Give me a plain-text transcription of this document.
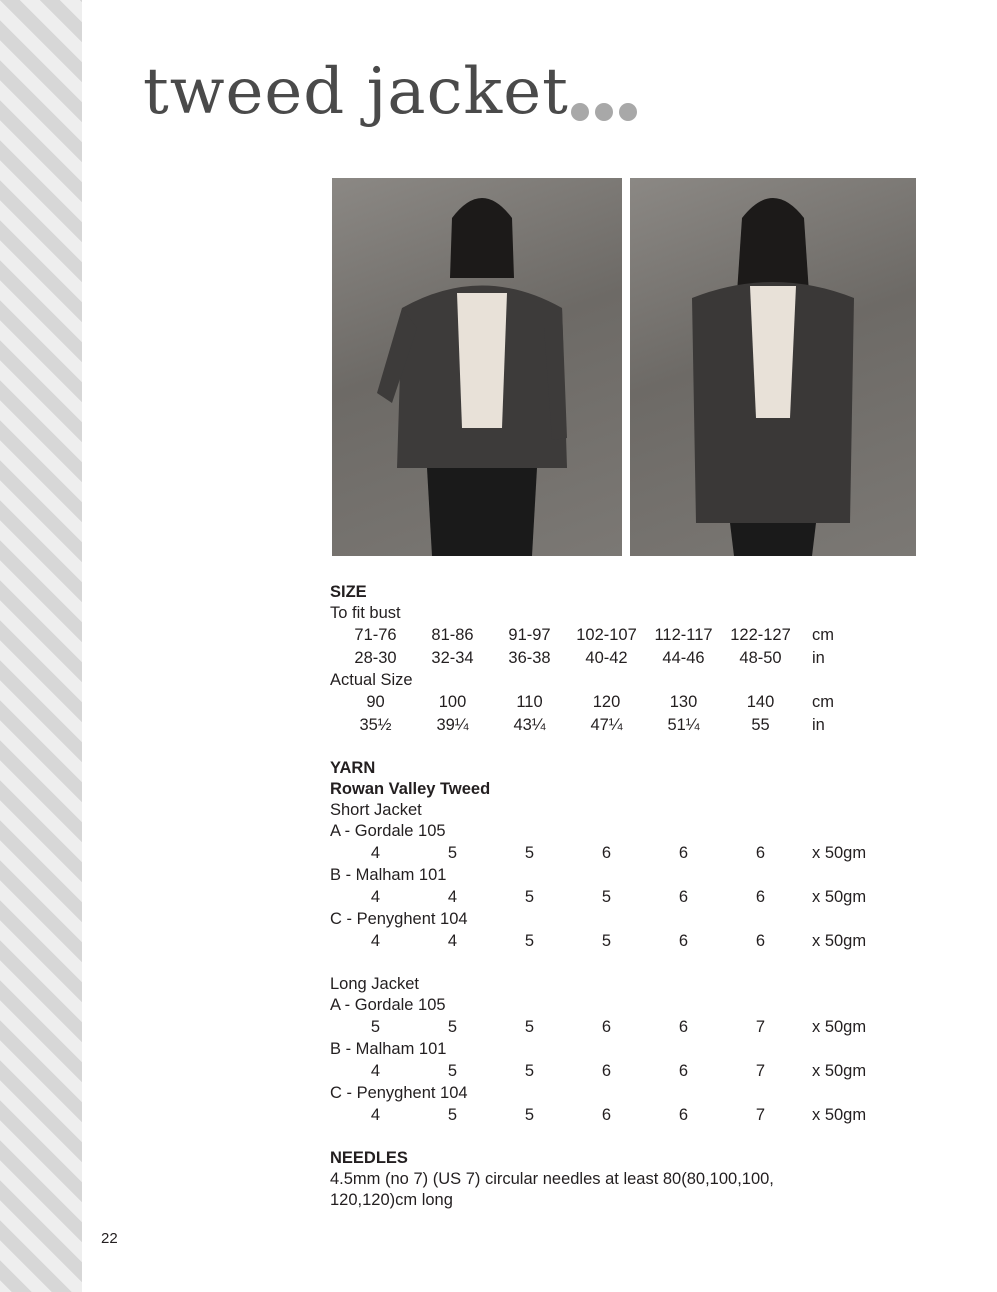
tweed jacket

SIZE

To fit bust

71-76	81-86	91-97	102-107	112-117	122-127	cm
28-30	32-34	36-38	40-42	44-46	48-50	in

Actual Size

90	100	110	120	130	140	cm
35½	39¼	43¼	47¼	51¼	55	in

YARN

Rowan Valley Tweed

Short Jacket

A - Gordale 105

4	5	5	6	6	6	x 50gm

B - Malham 101

4	4	5	5	6	6	x 50gm

C - Penyghent 104

4	4	5	5	6	6	x 50gm

Long Jacket

A - Gordale 105

5	5	5	6	6	7	x 50gm

B - Malham 101

4	5	5	6	6	7	x 50gm

C - Penyghent 104

4	5	5	6	6	7	x 50gm

NEEDLES

4.5mm (no 7) (US 7) circular needles at least 80(80,100,100,

120,120)cm long

22
